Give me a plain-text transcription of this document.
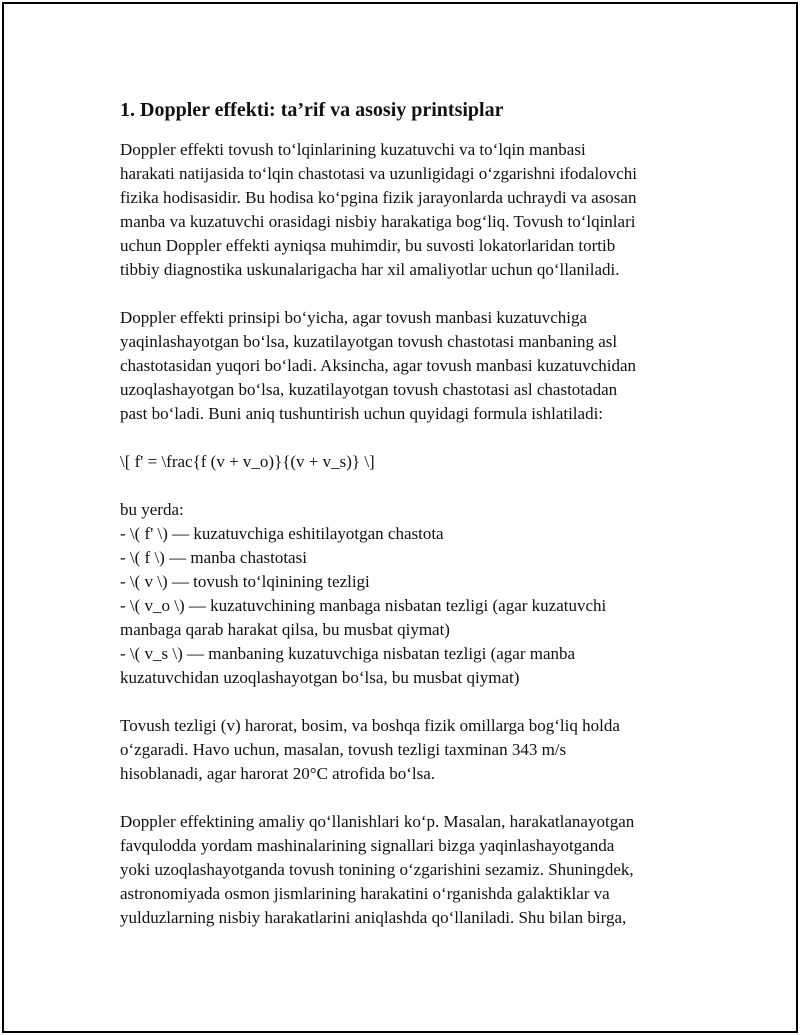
1. Doppler effekti: ta’rif va asosiy printsiplar

Doppler effekti tovush to‘lqinlarining kuzatuvchi va to‘lqin manbasi
harakati natijasida to‘lqin chastotasi va uzunligidagi o‘zgarishni ifodalovchi
fizika hodisasidir. Bu hodisa ko‘pgina fizik jarayonlarda uchraydi va asosan
manba va kuzatuvchi orasidagi nisbiy harakatiga bog‘liq. Tovush to‘lqinlari
uchun Doppler effekti ayniqsa muhimdir, bu suvosti lokatorlaridan tortib
tibbiy diagnostika uskunalarigacha har xil amaliyotlar uchun qo‘llaniladi.

Doppler effekti prinsipi bo‘yicha, agar tovush manbasi kuzatuvchiga
yaqinlashayotgan bo‘lsa, kuzatilayotgan tovush chastotasi manbaning asl
chastotasidan yuqori bo‘ladi. Aksincha, agar tovush manbasi kuzatuvchidan
uzoqlashayotgan bo‘lsa, kuzatilayotgan tovush chastotasi asl chastotadan
past bo‘ladi. Buni aniq tushuntirish uchun quyidagi formula ishlatiladi:

\[ f' = \frac{f (v + v_o)}{(v + v_s)} \]

bu yerda:
- \( f' \) — kuzatuvchiga eshitilayotgan chastota
- \( f \) — manba chastotasi
- \( v \) — tovush to‘lqinining tezligi
- \( v_o \) — kuzatuvchining manbaga nisbatan tezligi (agar kuzatuvchi
manbaga qarab harakat qilsa, bu musbat qiymat)
- \( v_s \) — manbaning kuzatuvchiga nisbatan tezligi (agar manba
kuzatuvchidan uzoqlashayotgan bo‘lsa, bu musbat qiymat)

Tovush tezligi (v) harorat, bosim, va boshqa fizik omillarga bog‘liq holda
o‘zgaradi. Havo uchun, masalan, tovush tezligi taxminan 343 m/s
hisoblanadi, agar harorat 20°C atrofida bo‘lsa.

Doppler effektining amaliy qo‘llanishlari ko‘p. Masalan, harakatlanayotgan
favqulodda yordam mashinalarining signallari bizga yaqinlashayotganda
yoki uzoqlashayotganda tovush tonining o‘zgarishini sezamiz. Shuningdek,
astronomiyada osmon jismlarining harakatini o‘rganishda galaktiklar va
yulduzlarning nisbiy harakatlarini aniqlashda qo‘llaniladi. Shu bilan birga,
